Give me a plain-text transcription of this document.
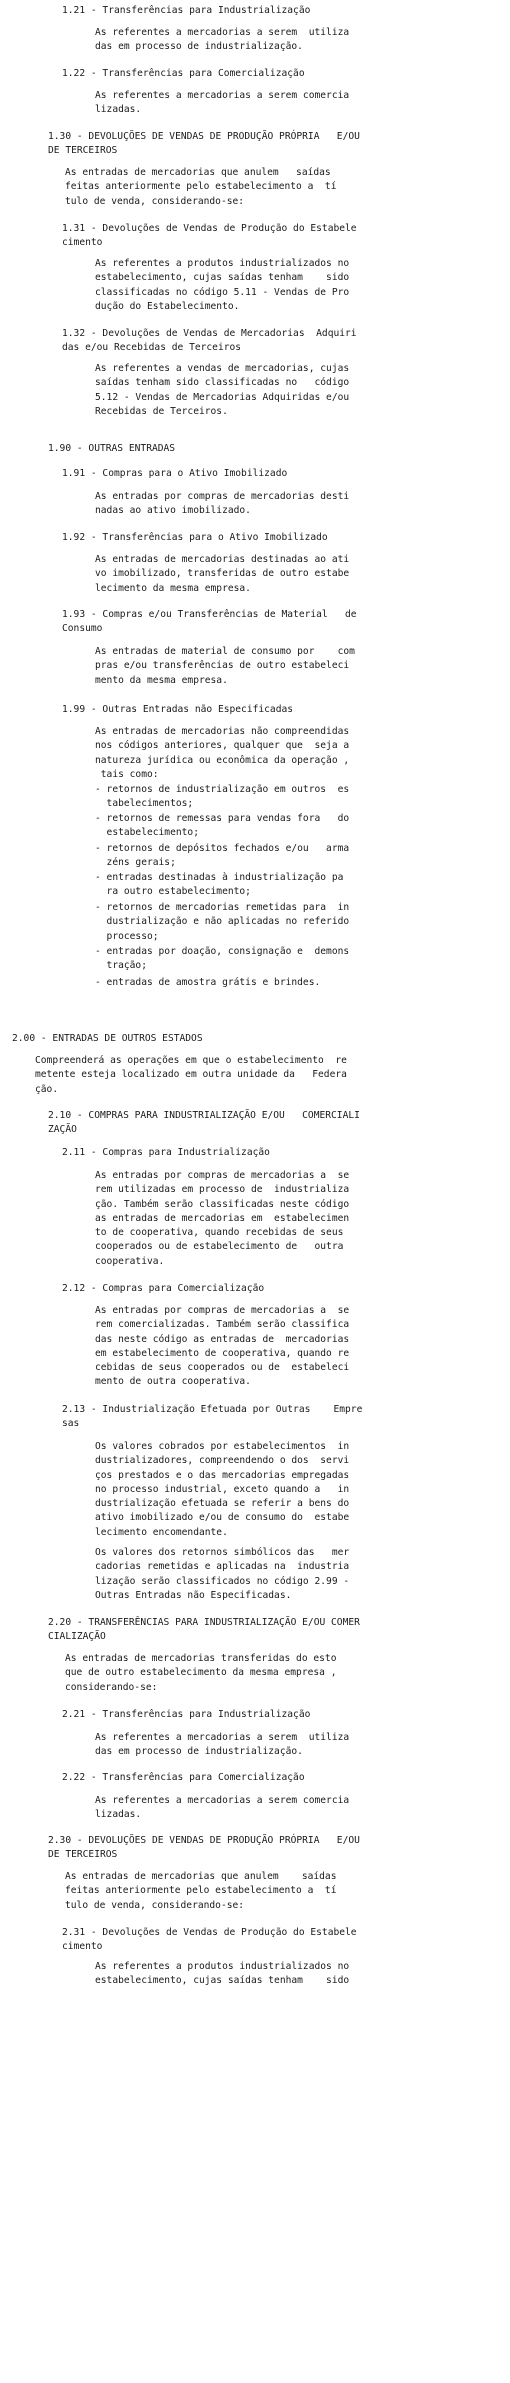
1.21 - Transferências para Industrialização
As referentes a mercadorias a serem  utiliza
das em processo de industrialização.
1.22 - Transferências para Comercialização
As referentes a mercadorias a serem comercia
lizadas.
1.30 - DEVOLUÇÕES DE VENDAS DE PRODUÇÃO PRÓPRIA   E/OU
DE TERCEIROS
As entradas de mercadorias que anulem   saídas
feitas anteriormente pelo estabelecimento a  tí
tulo de venda, considerando-se:
1.31 - Devoluções de Vendas de Produção do Estabele
cimento
As referentes a produtos industrializados no
estabelecimento, cujas saídas tenham    sido
classificadas no código 5.11 - Vendas de Pro
dução do Estabelecimento.
1.32 - Devoluções de Vendas de Mercadorias  Adquiri
das e/ou Recebidas de Terceiros
As referentes a vendas de mercadorias, cujas
saídas tenham sido classificadas no   código
5.12 - Vendas de Mercadorias Adquiridas e/ou
Recebidas de Terceiros.
1.90 - OUTRAS ENTRADAS
1.91 - Compras para o Ativo Imobilizado
As entradas por compras de mercadorias desti
nadas ao ativo imobilizado.
1.92 - Transferências para o Ativo Imobilizado
As entradas de mercadorias destinadas ao ati
vo imobilizado, transferidas de outro estabe
lecimento da mesma empresa.
1.93 - Compras e/ou Transferências de Material   de
Consumo
As entradas de material de consumo por    com
pras e/ou transferências de outro estabeleci
mento da mesma empresa.
1.99 - Outras Entradas não Especificadas
As entradas de mercadorias não compreendidas
nos códigos anteriores, qualquer que  seja a
natureza jurídica ou econômica da operação ,
tais como:
- retornos de industrialização em outros  es
tabelecimentos;
- retornos de remessas para vendas fora   do
estabelecimento;
- retornos de depósitos fechados e/ou   arma
zéns gerais;
- entradas destinadas à industrialização pa
ra outro estabelecimento;
- retornos de mercadorias remetidas para  in
dustrialização e não aplicadas no referido
processo;
- entradas por doação, consignação e  demons
tração;
- entradas de amostra grátis e brindes.
2.00 - ENTRADAS DE OUTROS ESTADOS
Compreenderá as operações em que o estabelecimento  re
metente esteja localizado em outra unidade da   Federa
ção.
2.10 - COMPRAS PARA INDUSTRIALIZAÇÃO E/OU   COMERCIALI
ZAÇÃO
2.11 - Compras para Industrialização
As entradas por compras de mercadorias a  se
rem utilizadas em processo de  industrializa
ção. Também serão classificadas neste código
as entradas de mercadorias em  estabelecimen
to de cooperativa, quando recebidas de seus
cooperados ou de estabelecimento de   outra
cooperativa.
2.12 - Compras para Comercialização
As entradas por compras de mercadorias a  se
rem comercializadas. Também serão classifica
das neste código as entradas de  mercadorias
em estabelecimento de cooperativa, quando re
cebidas de seus cooperados ou de  estabeleci
mento de outra cooperativa.
2.13 - Industrialização Efetuada por Outras    Empre
sas
Os valores cobrados por estabelecimentos  in
dustrializadores, compreendendo o dos  servi
ços prestados e o das mercadorias empregadas
no processo industrial, exceto quando a   in
dustrialização efetuada se referir a bens do
ativo imobilizado e/ou de consumo do  estabe
lecimento encomendante.
Os valores dos retornos simbólicos das   mer
cadorias remetidas e aplicadas na  industria
lização serão classificados no código 2.99 -
Outras Entradas não Especificadas.
2.20 - TRANSFERÊNCIAS PARA INDUSTRIALIZAÇÃO E/OU COMER
CIALIZAÇÃO
As entradas de mercadorias transferidas do esto
que de outro estabelecimento da mesma empresa ,
considerando-se:
2.21 - Transferências para Industrialização
As referentes a mercadorias a serem  utiliza
das em processo de industrialização.
2.22 - Transferências para Comercialização
As referentes a mercadorias a serem comercia
lizadas.
2.30 - DEVOLUÇÕES DE VENDAS DE PRODUÇÃO PRÓPRIA   E/OU
DE TERCEIROS
As entradas de mercadorias que anulem    saídas
feitas anteriormente pelo estabelecimento a  tí
tulo de venda, considerando-se:
2.31 - Devoluções de Vendas de Produção do Estabele
cimento
As referentes a produtos industrializados no
estabelecimento, cujas saídas tenham    sido
